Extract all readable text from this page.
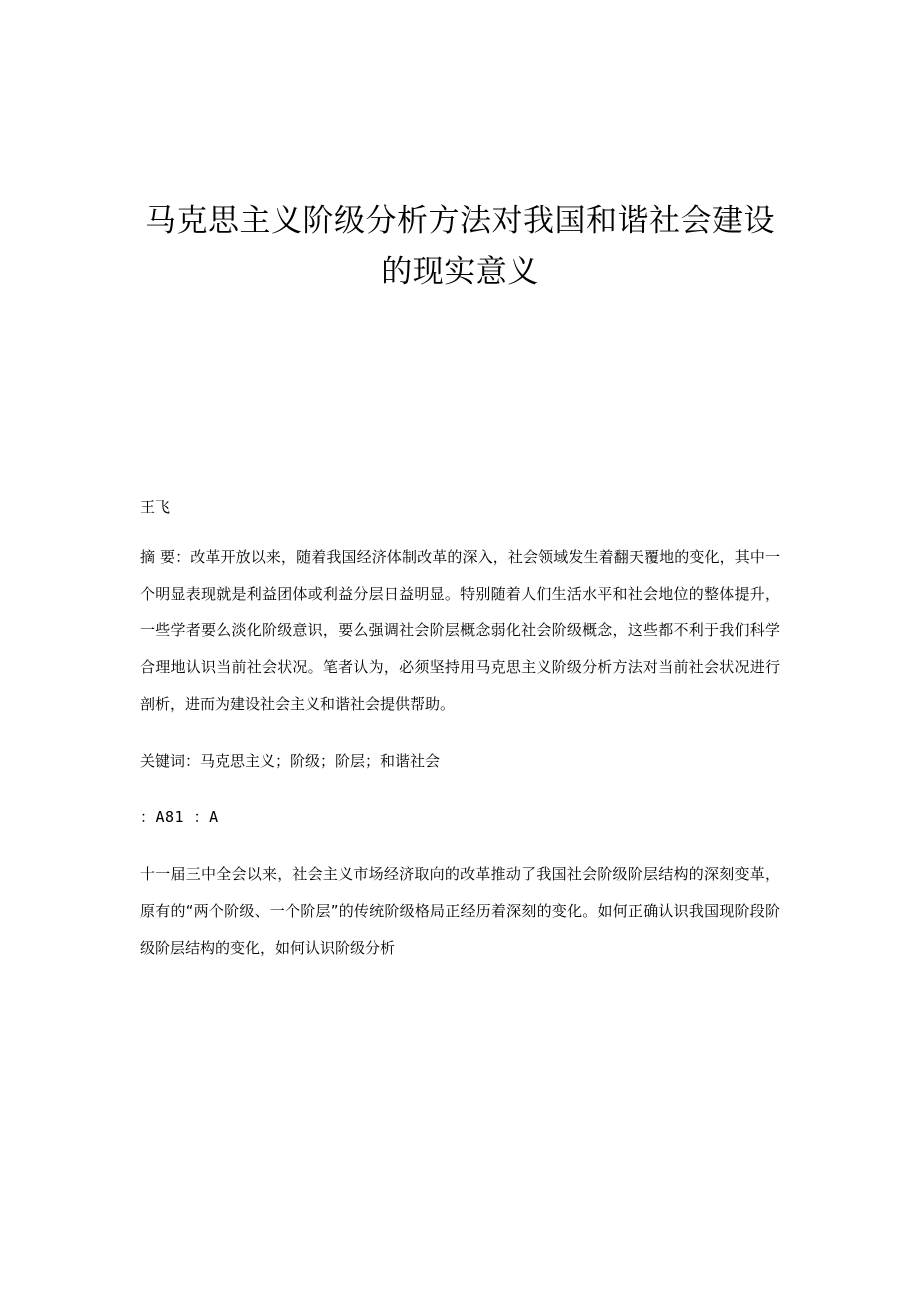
马克思主义阶级分析方法对我国和谐社会建设的现实意义
王飞
摘 要：改革开放以来，随着我国经济体制改革的深入，社会领域发生着翻天覆地的变化，其中一个明显表现就是利益团体或利益分层日益明显。特别随着人们生活水平和社会地位的整体提升，一些学者要么淡化阶级意识，要么强调社会阶层概念弱化社会阶级概念，这些都不利于我们科学合理地认识当前社会状况。笔者认为，必须坚持用马克思主义阶级分析方法对当前社会状况进行剖析，进而为建设社会主义和谐社会提供帮助。
关键词：马克思主义；阶级；阶层；和谐社会
：A81 ：A
十一届三中全会以来，社会主义市场经济取向的改革推动了我国社会阶级阶层结构的深刻变革，原有的“两个阶级、一个阶层”的传统阶级格局正经历着深刻的变化。如何正确认识我国现阶段阶级阶层结构的变化，如何认识阶级分析
